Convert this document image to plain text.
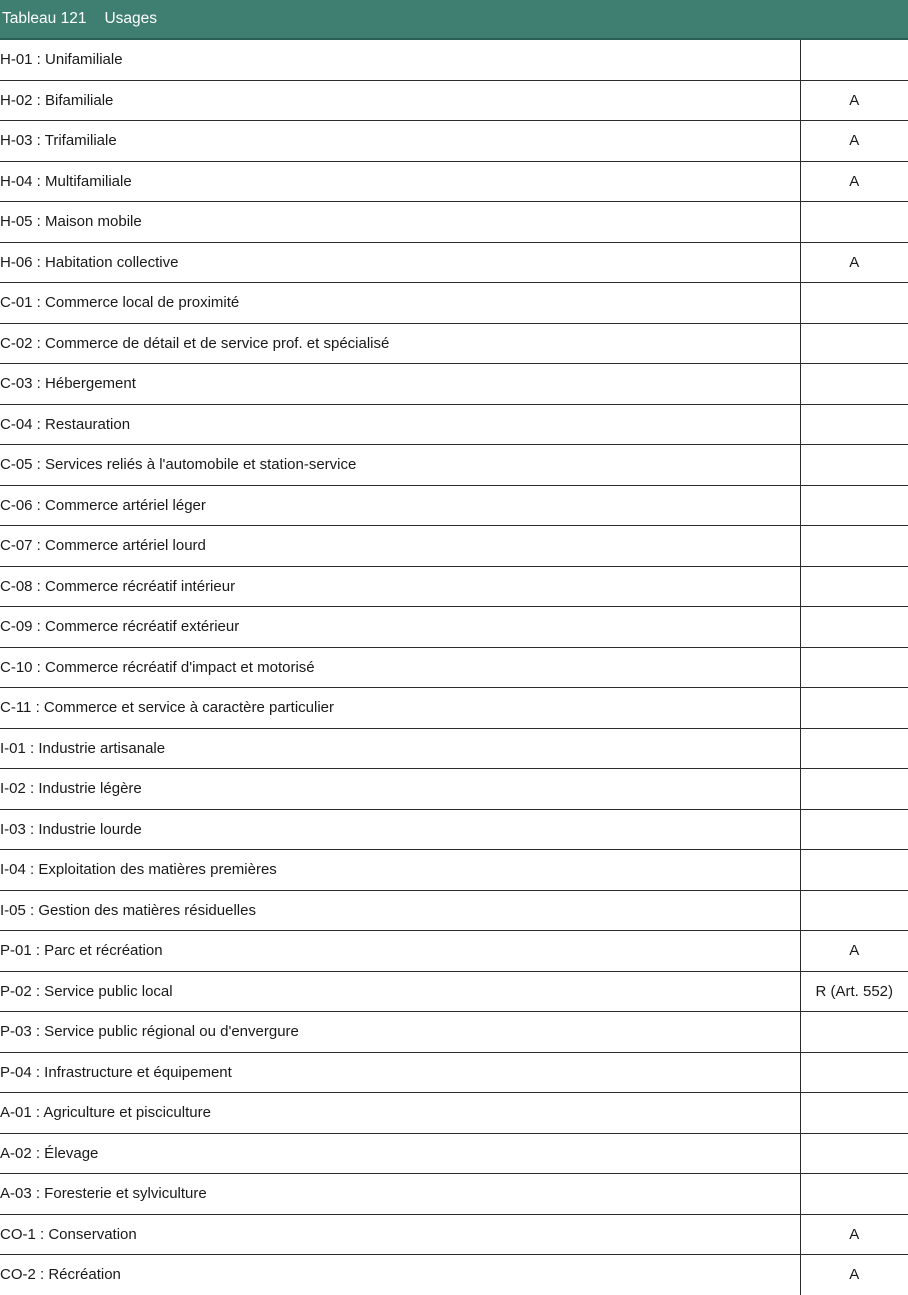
Tableau 121 Usages
H-01 : Unifamiliale	
H-02 : Bifamiliale	A
H-03 : Trifamiliale	A
H-04 : Multifamiliale	A
H-05 : Maison mobile	
H-06 : Habitation collective	A
C-01 : Commerce local de proximité	
C-02 : Commerce de détail et de service prof. et spécialisé	
C-03 : Hébergement	
C-04 : Restauration	
C-05 : Services reliés à l'automobile et station-service	
C-06 : Commerce artériel léger	
C-07 : Commerce artériel lourd	
C-08 : Commerce récréatif intérieur	
C-09 : Commerce récréatif extérieur	
C-10 : Commerce récréatif d'impact et motorisé	
C-11 : Commerce et service à caractère particulier	
I-01 : Industrie artisanale	
I-02 : Industrie légère	
I-03 : Industrie lourde	
I-04 : Exploitation des matières premières	
I-05 : Gestion des matières résiduelles	
P-01 : Parc et récréation	A
P-02 : Service public local	R (Art. 552)
P-03 : Service public régional ou d'envergure	
P-04 : Infrastructure et équipement	
A-01 : Agriculture et pisciculture	
A-02 : Élevage	
A-03 : Foresterie et sylviculture	
CO-1 : Conservation	A
CO-2 : Récréation	A
